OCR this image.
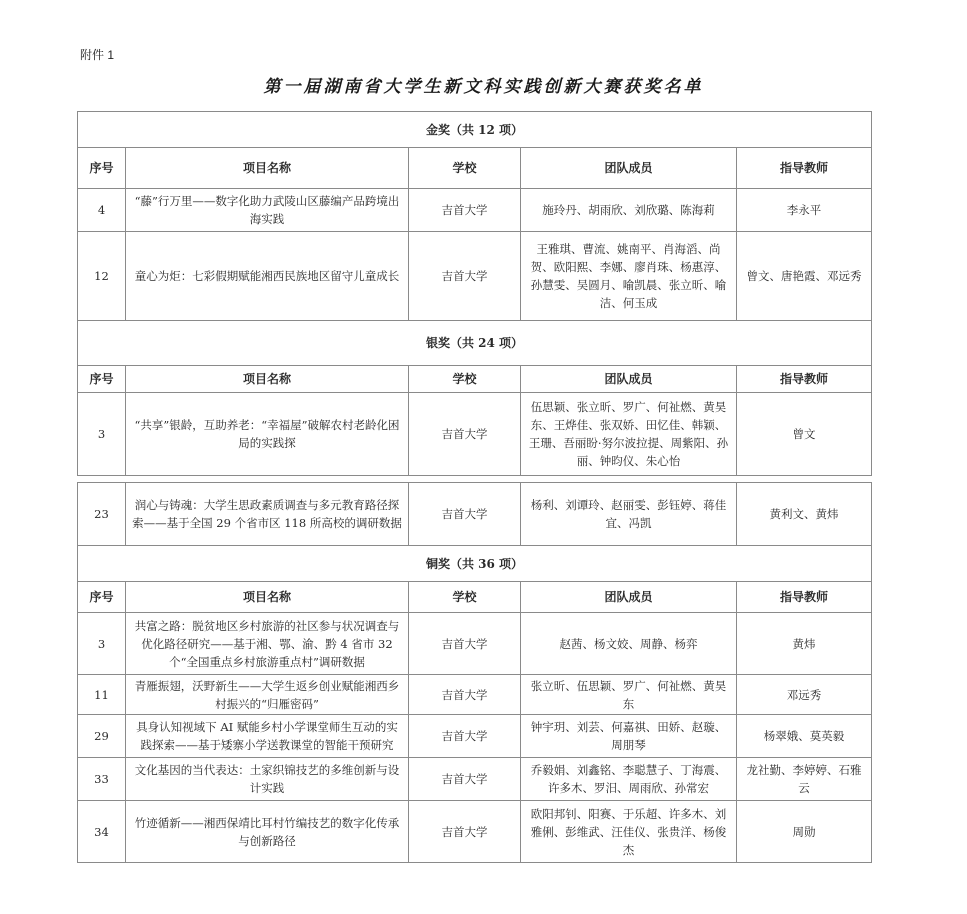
附件 1
第一届湖南省大学生新文科实践创新大赛获奖名单
金奖（共 12 项）				
序号	项目名称	学校	团队成员	指导教师
4	“藤”行万里——数字化助力武陵山区藤编产品跨境出海实践	吉首大学	施玲丹、胡雨欣、刘欣璐、陈海莉	李永平
12	童心为炬：七彩假期赋能湘西民族地区留守儿童成长	吉首大学	王雅琪、曹流、姚南平、肖海滔、尚贺、欧阳熙、李娜、廖肖珠、杨惠淳、孙慧雯、吴圆月、喻凯晨、张立昕、喻洁、何玉成	曾文、唐艳霞、邓远秀
银奖（共 24 项）				
序号	项目名称	学校	团队成员	指导教师
3	“共享”银龄，互助养老：“幸福屋”破解农村老龄化困局的实践探	吉首大学	伍思颖、张立昕、罗广、何祉燃、黄昊东、王烨佳、张双娇、田忆佳、韩颖、王珊、吾丽盼·努尔波拉提、周紫阳、孙丽、钟昀仪、朱心怡	曾文
23	润心与铸魂：大学生思政素质调查与多元教育路径探索——基于全国 29 个省市区 118 所高校的调研数据	吉首大学	杨利、刘谭玲、赵丽雯、彭钰婷、蒋佳宜、冯凯	黄利文、黄炜
铜奖（共 36 项）				
序号	项目名称	学校	团队成员	指导教师
3	共富之路：脱贫地区乡村旅游的社区参与状况调查与优化路径研究——基于湘、鄂、渝、黔 4 省市 32 个“全国重点乡村旅游重点村”调研数据	吉首大学	赵茜、杨文姣、周静、杨弈	黄炜
11	青雁振翅，沃野新生——大学生返乡创业赋能湘西乡村振兴的“归雁密码”	吉首大学	张立昕、伍思颖、罗广、何祉燃、黄昊东	邓远秀
29	具身认知视域下 AI 赋能乡村小学课堂师生互动的实践探索——基于矮寨小学送教课堂的智能干预研究	吉首大学	钟宇玥、刘芸、何嘉祺、田娇、赵璇、周朋琴	杨翠娥、莫英毅
33	文化基因的当代表达：土家织锦技艺的多维创新与设计实践	吉首大学	乔毅娟、刘鑫铭、李聪慧子、丁海震、许多木、罗汨、周雨欣、孙常宏	龙社勤、李婷婷、石雅云
34	竹迹循新——湘西保靖比耳村竹编技艺的数字化传承与创新路径	吉首大学	欧阳邦钊、阳赛、于乐超、许多木、刘雅俐、彭维武、汪佳仪、张贵洋、杨俊杰	周勋
